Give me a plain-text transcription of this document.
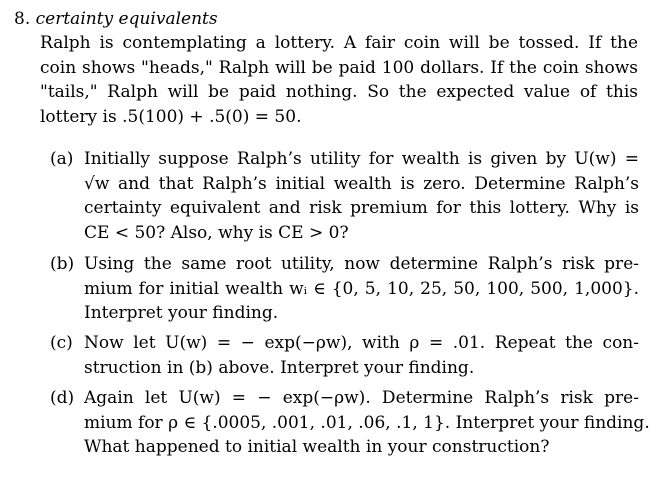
8. certainty equivalents
Ralph is contemplating a lottery. A fair coin will be tossed. If the
coin shows "heads," Ralph will be paid 100 dollars. If the coin shows
"tails," Ralph will be paid nothing. So the expected value of this
lottery is .5(100) + .5(0) = 50.
(a) Initially suppose Ralph’s utility for wealth is given by U(w) =
√w and that Ralph’s initial wealth is zero. Determine Ralph’s
certainty equivalent and risk premium for this lottery. Why is
CE < 50? Also, why is CE > 0?
(b) Using the same root utility, now determine Ralph’s risk pre-
mium for initial wealth wᵢ ∈ {0, 5, 10, 25, 50, 100, 500, 1,000}.
Interpret your finding.
(c) Now let U(w) = − exp(−ρw), with ρ = .01. Repeat the con-
struction in (b) above. Interpret your finding.
(d) Again let U(w) = − exp(−ρw). Determine Ralph’s risk pre-
mium for ρ ∈ {.0005, .001, .01, .06, .1, 1}. Interpret your finding.
What happened to initial wealth in your construction?
